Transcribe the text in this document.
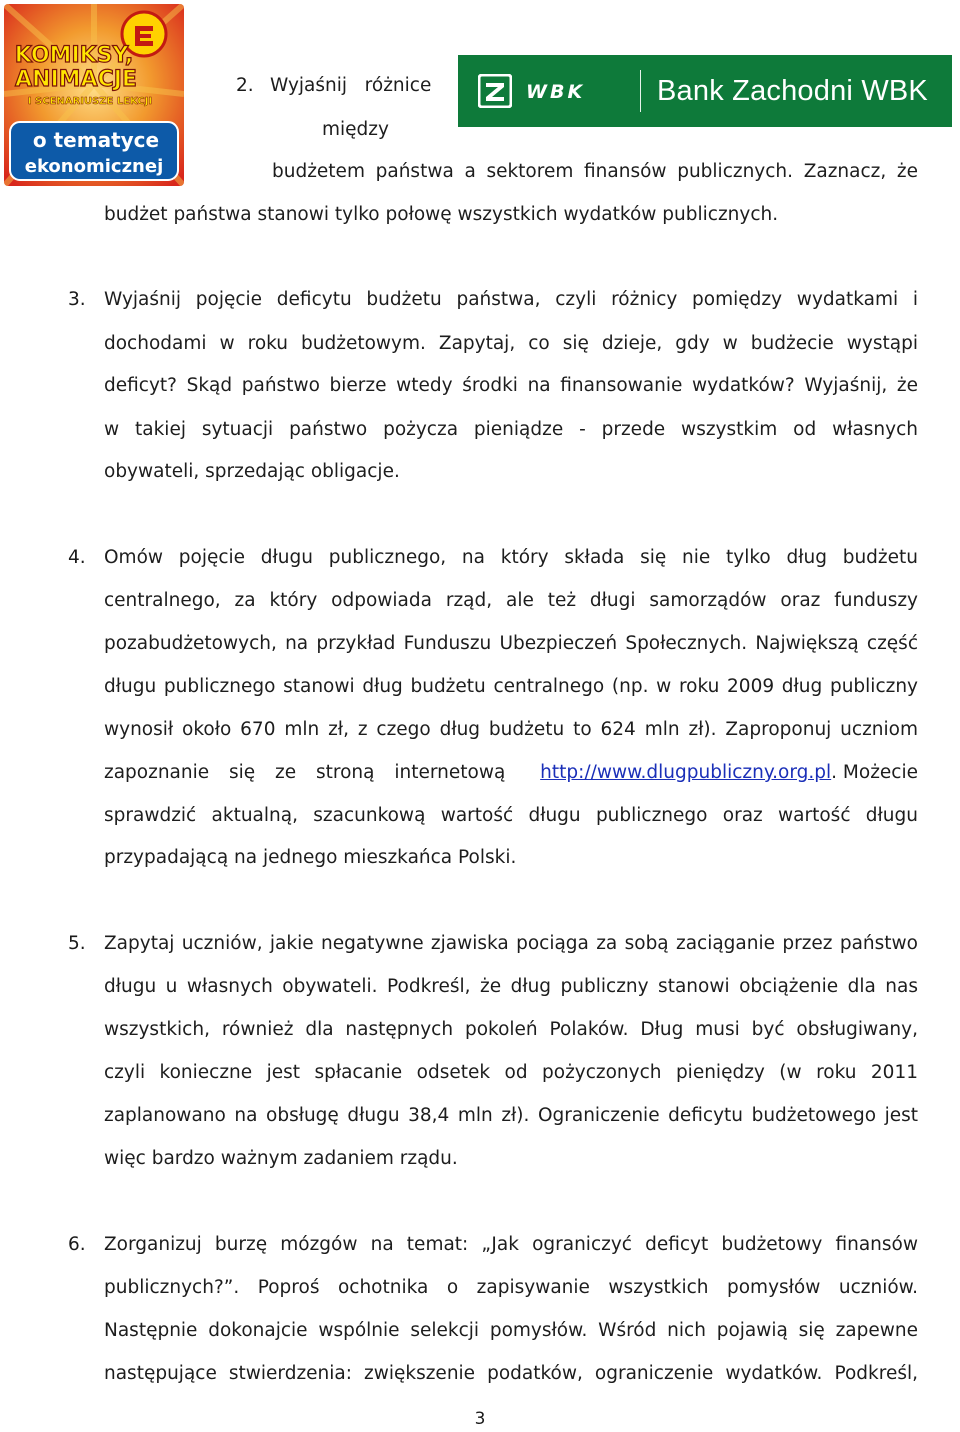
KOMIKSY,
ANIMACJE
I SCENARIUSZE LEKCJI
o tematyce
ekonomicznej
WBK Bank Zachodni WBK
2. Wyjaśnij   różnice
między
budżetem państwa a sektorem finansów publicznych. Zaznacz, że
budżet państwa stanowi tylko połowę wszystkich wydatków publicznych.
3. Wyjaśnij pojęcie deficytu budżetu państwa, czyli różnicy pomiędzy wydatkami i
dochodami w roku budżetowym. Zapytaj, co się dzieje, gdy w budżecie wystąpi
deficyt? Skąd państwo bierze wtedy środki na finansowanie wydatków? Wyjaśnij, że
w takiej sytuacji państwo pożycza pieniądze - przede wszystkim od własnych
obywateli, sprzedając obligacje.
4. Omów pojęcie długu publicznego, na który składa się nie tylko dług budżetu
centralnego, za który odpowiada rząd, ale też długi samorządów oraz funduszy
pozabudżetowych, na przykład Funduszu Ubezpieczeń Społecznych. Największą część
długu publicznego stanowi dług budżetu centralnego (np. w roku 2009 dług publiczny
wynosił około 670 mln zł, z czego dług budżetu to 624 mln zł). Zaproponuj uczniom
zapoznanie się ze stroną internetową http://www.dlugpubliczny.org.pl. Możecie
sprawdzić aktualną, szacunkową wartość długu publicznego oraz wartość długu
przypadającą na jednego mieszkańca Polski.
5. Zapytaj uczniów, jakie negatywne zjawiska pociąga za sobą zaciąganie przez państwo
długu u własnych obywateli. Podkreśl, że dług publiczny stanowi obciążenie dla nas
wszystkich, również dla następnych pokoleń Polaków. Dług musi być obsługiwany,
czyli konieczne jest spłacanie odsetek od pożyczonych pieniędzy (w roku 2011
zaplanowano na obsługę długu 38,4 mln zł). Ograniczenie deficytu budżetowego jest
więc bardzo ważnym zadaniem rządu.
6. Zorganizuj burzę mózgów na temat: „Jak ograniczyć deficyt budżetowy finansów
publicznych?”. Poproś ochotnika o zapisywanie wszystkich pomysłów uczniów.
Następnie dokonajcie wspólnie selekcji pomysłów. Wśród nich pojawią się zapewne
następujące stwierdzenia: zwiększenie podatków, ograniczenie wydatków. Podkreśl,
3
